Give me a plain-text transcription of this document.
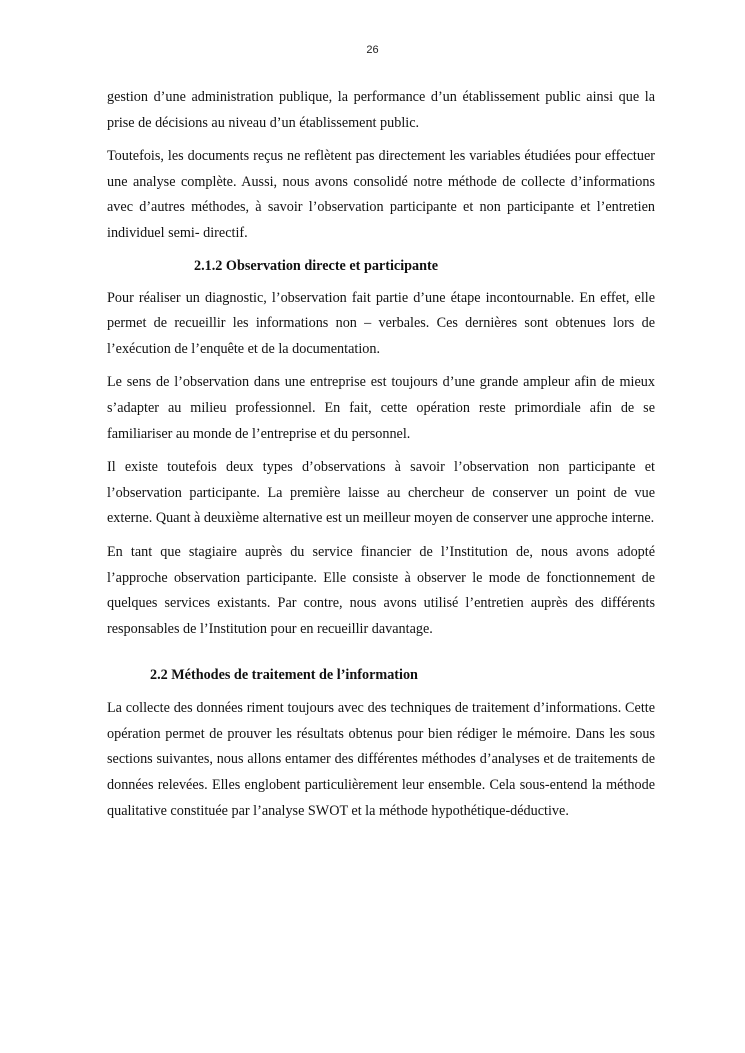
26

gestion d’une administration publique, la performance d’un établissement public ainsi que la prise de décisions au niveau d’un établissement public.

Toutefois, les documents reçus ne reflètent pas directement les variables étudiées pour effectuer une analyse complète. Aussi, nous avons consolidé notre méthode de collecte d’informations avec d’autres méthodes, à savoir l’observation participante et non participante et l’entretien individuel semi- directif.

2.1.2 Observation directe et participante

Pour réaliser un diagnostic, l’observation fait partie d’une étape incontournable. En effet, elle permet de recueillir les informations non – verbales. Ces dernières sont obtenues lors de l’exécution de l’enquête et de la documentation.

Le sens de l’observation dans une entreprise est toujours d’une grande ampleur afin de mieux s’adapter au milieu professionnel. En fait, cette opération reste primordiale afin de se familiariser au monde de l’entreprise et du personnel.

Il existe toutefois deux types d’observations à savoir l’observation non participante et l’observation participante. La première laisse au chercheur de conserver un point de vue externe. Quant à deuxième alternative est un meilleur moyen de conserver une approche interne.

En tant que stagiaire auprès du service financier de l’Institution de, nous avons adopté l’approche observation participante. Elle consiste à observer le mode de fonctionnement de quelques services existants. Par contre, nous avons utilisé l’entretien auprès des différents responsables de l’Institution pour en recueillir davantage.

2.2 Méthodes de traitement de l’information

La collecte des données riment toujours avec des techniques de traitement d’informations. Cette opération permet de prouver les résultats obtenus pour bien rédiger le mémoire. Dans les sous sections suivantes, nous allons entamer des différentes méthodes d’analyses et de traitements de données relevées. Elles englobent particulièrement leur ensemble. Cela sous-entend la méthode qualitative constituée par l’analyse SWOT et la méthode hypothétique-déductive.
